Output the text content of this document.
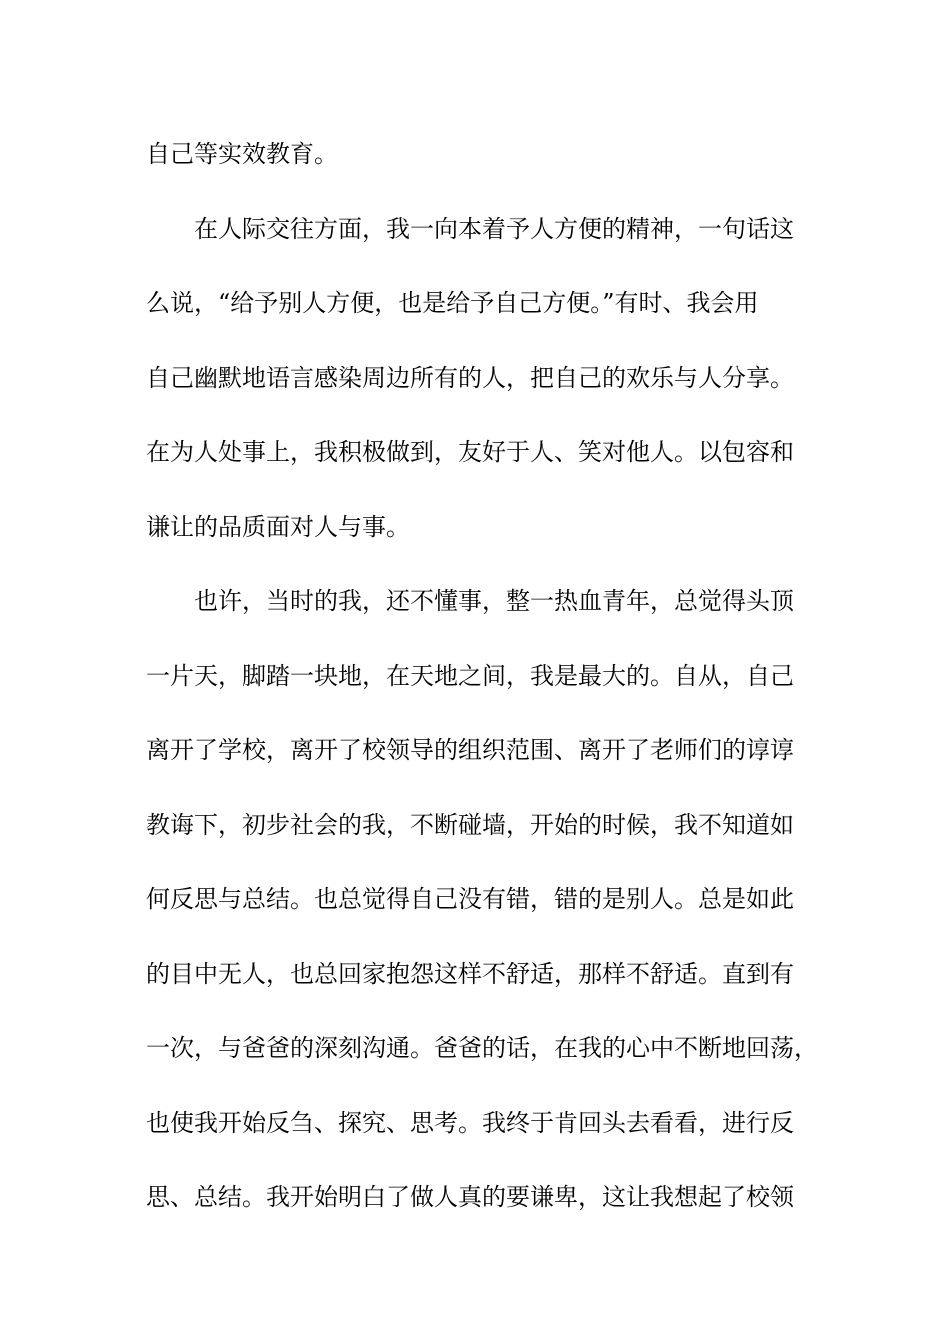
自己等实效教育。
在人际交往方面，我一向本着予人方便的精神，一句话这
么说，“给予别人方便，也是给予自己方便。”有时、我会用
自己幽默地语言感染周边所有的人，把自己的欢乐与人分享。
在为人处事上，我积极做到，友好于人、笑对他人。以包容和
谦让的品质面对人与事。
也许，当时的我，还不懂事，整一热血青年，总觉得头顶
一片天，脚踏一块地，在天地之间，我是最大的。自从，自己
离开了学校，离开了校领导的组织范围、离开了老师们的谆谆
教诲下，初步社会的我，不断碰墙，开始的时候，我不知道如
何反思与总结。也总觉得自己没有错，错的是别人。总是如此
的目中无人，也总回家抱怨这样不舒适，那样不舒适。直到有
一次，与爸爸的深刻沟通。爸爸的话，在我的心中不断地回荡，
也使我开始反刍、探究、思考。我终于肯回头去看看，进行反
思、总结。我开始明白了做人真的要谦卑，这让我想起了校领
